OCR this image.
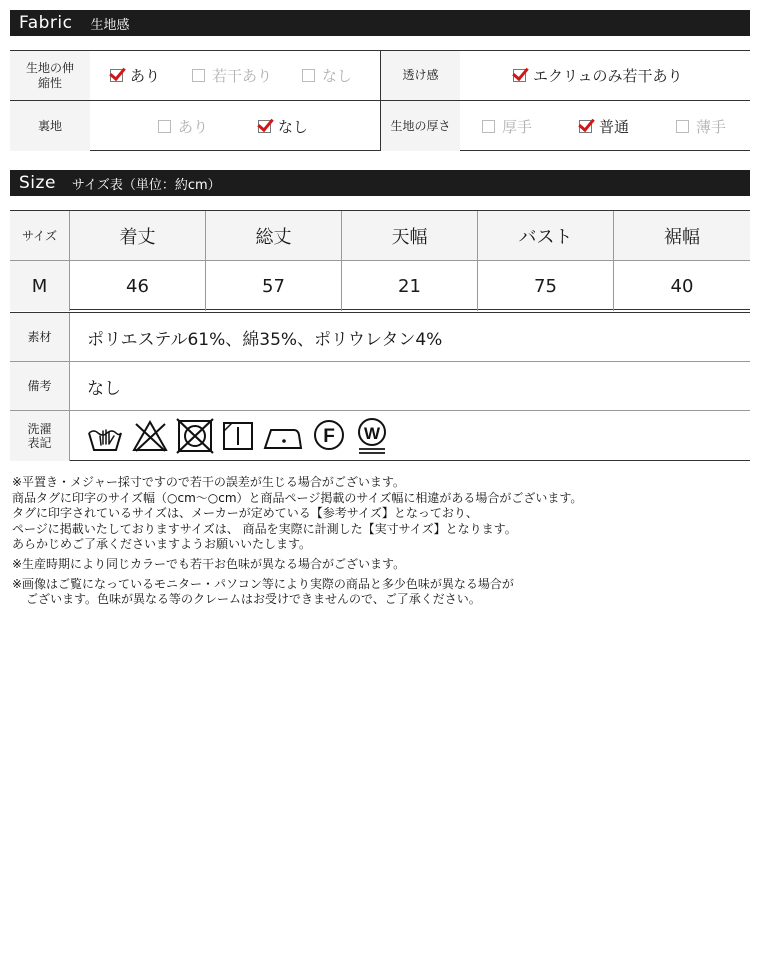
Fabric 生地感
生地の伸縮性	あり	若干あり	なし	透け感	エクリュのみ若干あり
裏地	あり	なし	生地の厚さ	厚手	普通	薄手
Size サイズ表（単位：約cm）
サイズ	着丈	総丈	天幅	バスト	裾幅
M	46	57	21	75	40
素材	ポリエステル61%、綿35%、ポリウレタン4%
備考	なし
洗濯表記	F W

※平置き・メジャー採寸ですので若干の誤差が生じる場合がございます。

商品タグに印字のサイズ幅（○cm〜○cm）と商品ページ掲載のサイズ幅に相違がある場合がございます。

タグに印字されているサイズは、メーカーが定めている【参考サイズ】となっており、

ページに掲載いたしておりますサイズは、 商品を実際に計測した【実寸サイズ】となります。

あらかじめご了承くださいますようお願いいたします。

※生産時期により同じカラーでも若干お色味が異なる場合がございます。

※画像はご覧になっているモニター・パソコン等により実際の商品と多少色味が異なる場合が

ございます。色味が異なる等のクレームはお受けできませんので、ご了承ください。
